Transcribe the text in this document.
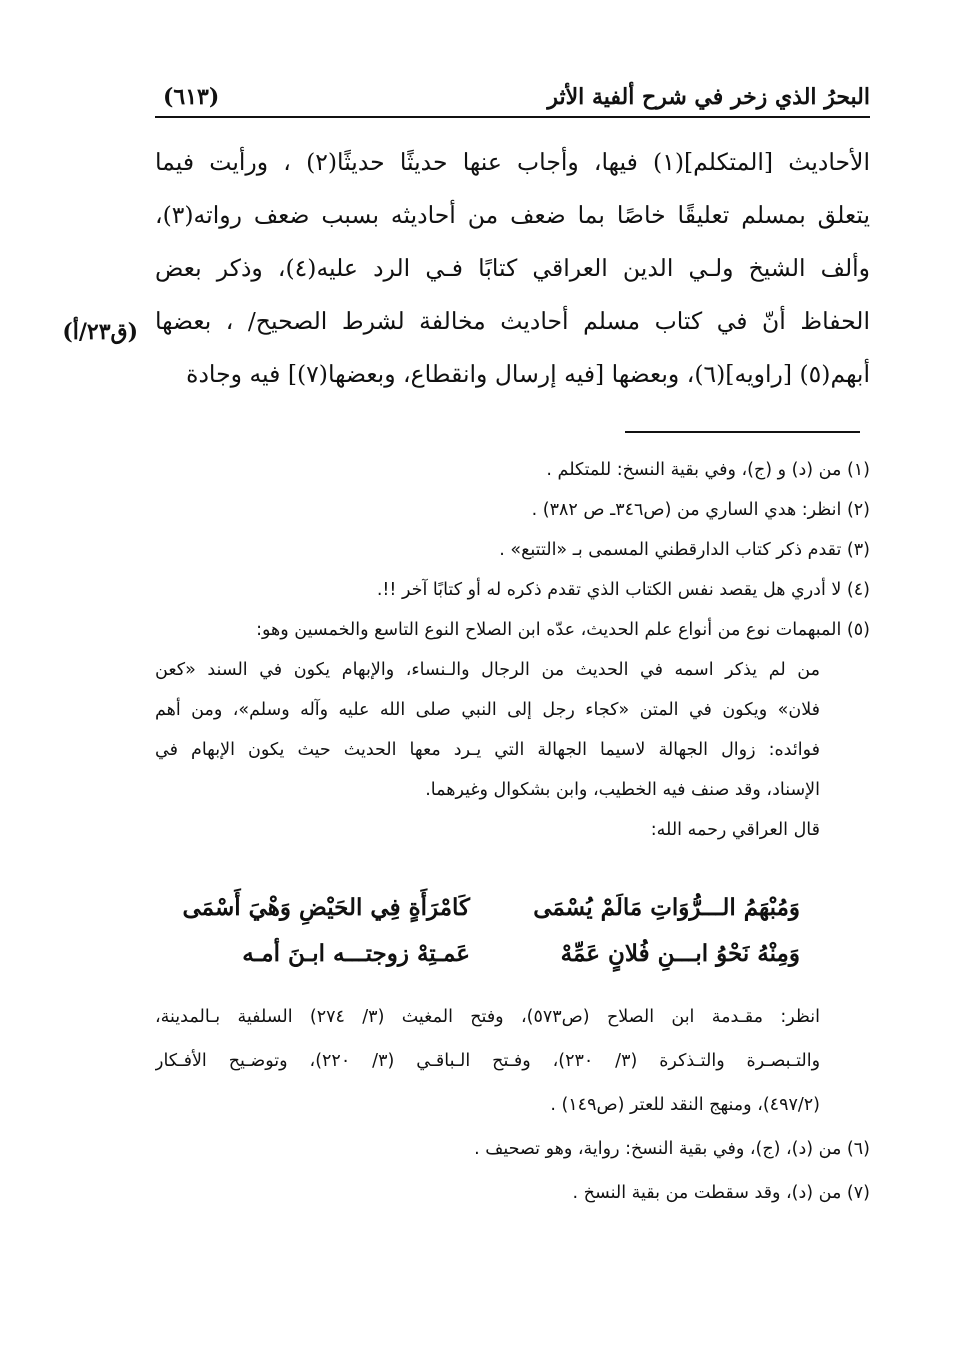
البحرُ الذي زخر في شرح ألفية الأثر
(٦١٣)
(ق٢٣/أ)
الأحاديث [المتكلم](١) فيها، وأجاب عنها حديثًا حديثًا(٢) ، ورأيت فيما
يتعلق بمسلم تعليقًا خاصًا بما ضعف من أحاديثه بسبب ضعف رواته(٣)،
وألف الشيخ ولـي الدين العراقي كتابًا فـي الرد عليه(٤)، وذكر بعض
الحفاظ أنّ في كتاب مسلم أحاديث مخالفة لشرط الصحيح/ ، بعضها
أبهم(٥) [راويه](٦)، وبعضها [فيه إرسال وانقطاع، وبعضها(٧)] فيه وجادة
(١) من (د) و (ج)، وفي بقية النسخ: للمتكلم .
(٢) انظر: هدي الساري من (ص٣٤٦ـ ص ٣٨٢) .
(٣) تقدم ذكر كتاب الدارقطني المسمى بـ «التتبع» .
(٤) لا أدري هل يقصد نفس الكتاب الذي تقدم ذكره له أو كتابًا آخر !!.
(٥) المبهمات نوع من أنواع علم الحديث، عدّه ابن الصلاح النوع التاسع والخمسين وهو:
من لم يذكر اسمه في الحديث من الرجال والـنساء، والإبهام يكون في السند «كعن
فلان» ويكون في المتن «كجاء رجل إلى النبي صلى الله عليه وآله وسلم»، ومن أهم
فوائده: زوال الجهالة لاسيما الجهالة التي يـرد معها الحديث حيث يكون الإبهام في
الإسناد، وقد صنف فيه الخطيب، وابن بشكوال وغيرهما.
قال العراقي رحمه الله:
وَمُبْهَمُ الـــرُّوَاتِ مَالَمْ يُسْمَى
كَامْرَأَةٍ فِي الحَيْضِ وَهْيَ أَسْمَى
وَمِنْهُ نَحْوُ ابـــنِ فُلانٍ عَمِّهْ
عَمـتِهْ زوجتـــه ابـنَ أمـه
انظر: مقـدمة ابن الصلاح (ص٥٧٣)، وفتح المغيث (٣/ ٢٧٤) السلفية بـالمدينة،
والتـبصـرة والتـذكرة (٣/ ٢٣٠)، وفـتح الـباقـي (٣/ ٢٢٠)، وتوضـيح الأفـكار
(٤٩٧/٢)، ومنهج النقد للعتر (ص١٤٩) .
(٦) من (د)، (ج)، وفي بقية النسخ: رواية، وهو تصحيف .
(٧) من (د)، وقد سقطت من بقية النسخ .
